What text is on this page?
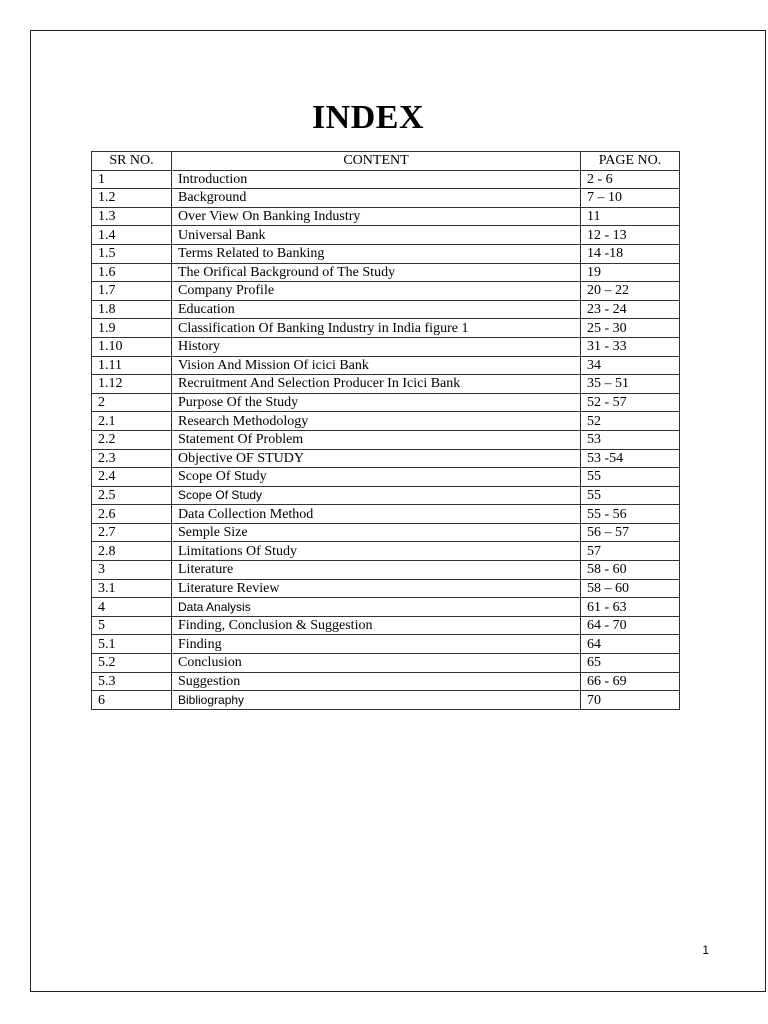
INDEX
SR NO.	CONTENT	PAGE NO.
1	Introduction	2 - 6
1.2	Background	7 – 10
1.3	Over View On Banking Industry	11
1.4	Universal Bank	12 - 13
1.5	Terms Related to Banking	14 -18
1.6	The Orifical Background of The Study	19
1.7	Company Profile	20 – 22
1.8	Education	23 - 24
1.9	Classification Of Banking Industry in India figure 1	25 - 30
1.10	History	31 - 33
1.11	Vision And Mission Of icici Bank	34
1.12	Recruitment And Selection Producer In Icici Bank	35 – 51
2	Purpose Of the Study	52 - 57
2.1	Research Methodology	52
2.2	Statement Of Problem	53
2.3	Objective OF STUDY	53 -54
2.4	Scope Of Study	55
2.5	Scope Of Study	55
2.6	Data Collection Method	55 - 56
2.7	Semple Size	56 – 57
2.8	Limitations Of Study	57
3	Literature	58 - 60
3.1	Literature Review	58 – 60
4	Data Analysis	61 - 63
5	Finding, Conclusion & Suggestion	64 - 70
5.1	Finding	64
5.2	Conclusion	65
5.3	Suggestion	66 - 69
6	Bibliography	70
1
